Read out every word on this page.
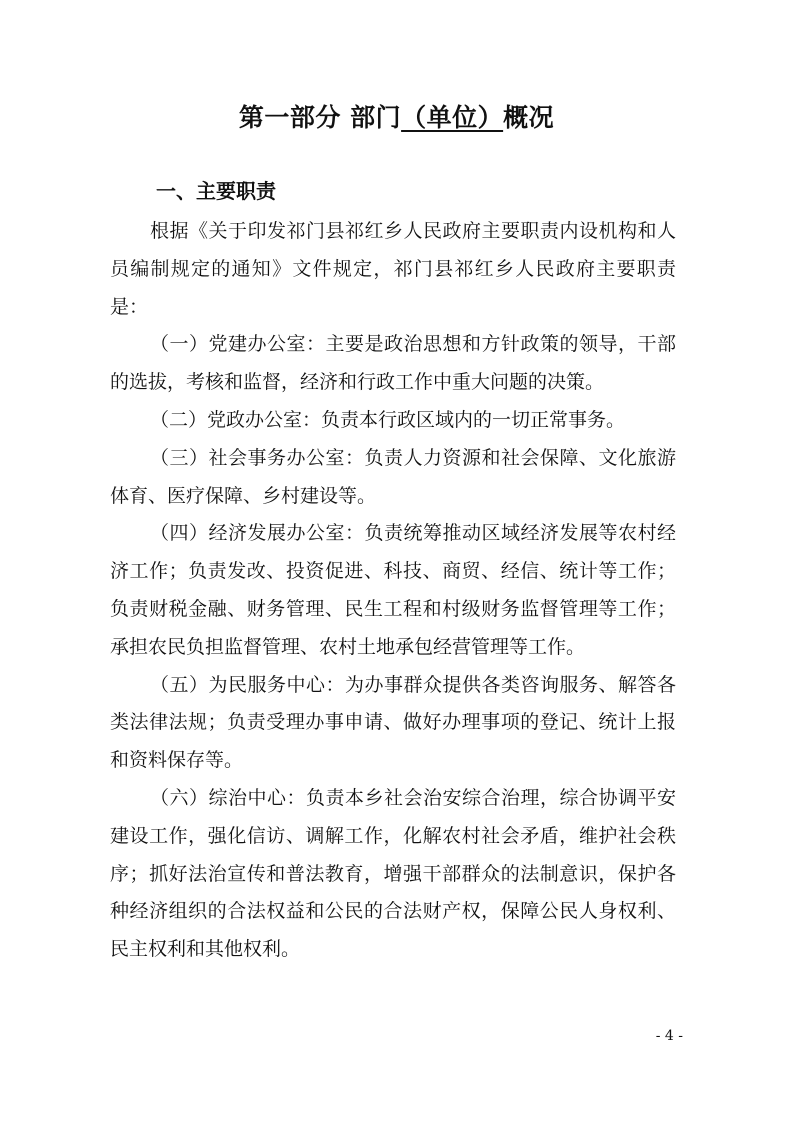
第一部分 部门（单位）概况
一、主要职责

根据《关于印发祁门县祁红乡人民政府主要职责内设机构和人员编制规定的通知》文件规定，祁门县祁红乡人民政府主要职责是：

（一）党建办公室：主要是政治思想和方针政策的领导，干部的选拔，考核和监督，经济和行政工作中重大问题的决策。

（二）党政办公室：负责本行政区域内的一切正常事务。

（三）社会事务办公室：负责人力资源和社会保障、文化旅游体育、医疗保障、乡村建设等。

（四）经济发展办公室：负责统筹推动区域经济发展等农村经济工作；负责发改、投资促进、科技、商贸、经信、统计等工作；负责财税金融、财务管理、民生工程和村级财务监督管理等工作；承担农民负担监督管理、农村土地承包经营管理等工作。

（五）为民服务中心：为办事群众提供各类咨询服务、解答各类法律法规；负责受理办事申请、做好办理事项的登记、统计上报和资料保存等。

（六）综治中心：负责本乡社会治安综合治理，综合协调平安建设工作，强化信访、调解工作，化解农村社会矛盾，维护社会秩序；抓好法治宣传和普法教育，增强干部群众的法制意识，保护各种经济组织的合法权益和公民的合法财产权，保障公民人身权利、民主权利和其他权利。

- 4 -
